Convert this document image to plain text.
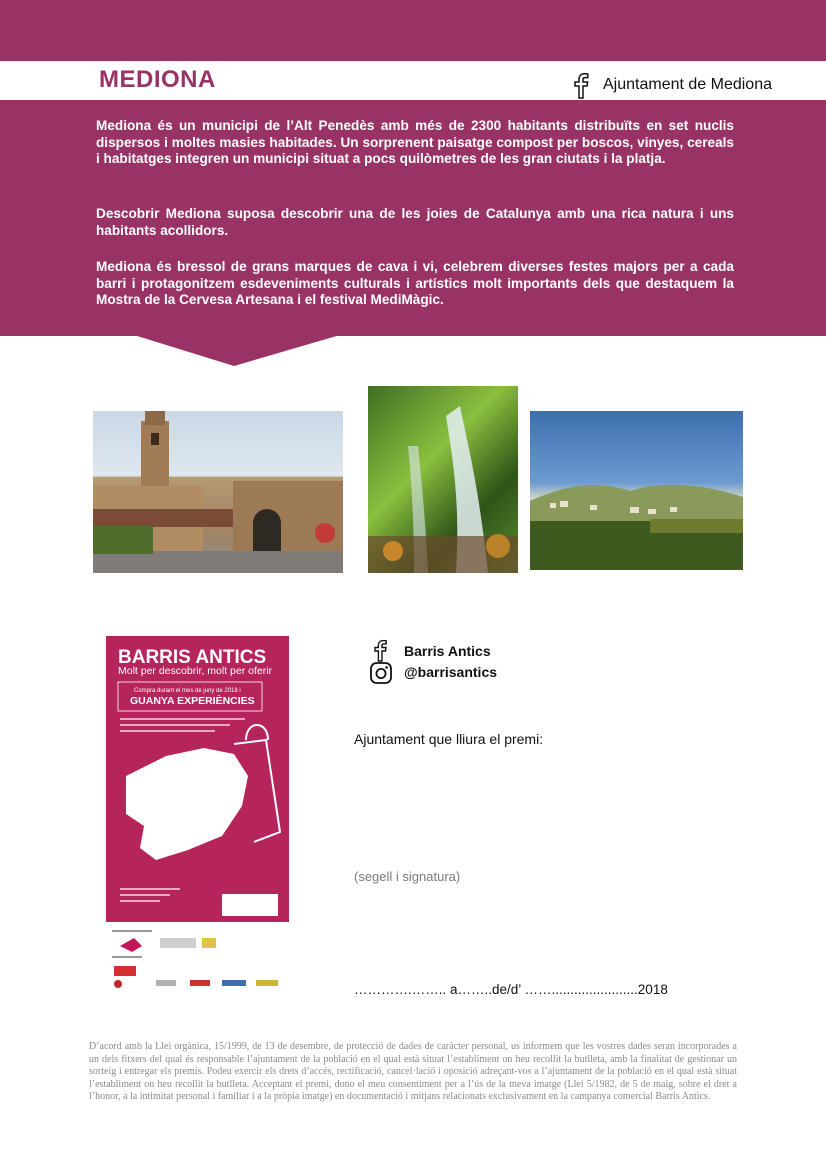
MEDIONA	Ajuntament de Mediona

Mediona és un municipi de l’Alt Penedès amb més de 2300 habitants distribuïts en set nuclis dispersos i moltes masies habitades. Un sorprenent paisatge compost per boscos, vinyes, cereals i habitatges integren un municipi situat a pocs quilòmetres de les gran ciutats i la platja.

Descobrir Mediona suposa descobrir una de les joies de Catalunya amb una rica natura i uns habitants acollidors.

Mediona és bressol de grans marques de cava i vi, celebrem diverses festes majors per a cada barri i protagonitzem esdeveniments culturals i artístics molt importants dels que destaquem la Mostra de la Cervesa Artesana i el festival MediMàgic.

BARRIS ANTICS
Molt per descobrir, molt per oferir
Compra durant el mes de juny de 2018 i
GUANYA EXPERIÈNCIES
Barris Antics
@barrisantics
Ajuntament que lliura el premi:
(segell i signatura)
………….…….. a……..de/d’ …….......................2018

D’acord amb la Llei orgànica, 15/1999, de 13 de desembre, de protecció de dades de caràcter personal, us informem que les vostres dades seran incorporades a un dels fitxers del qual és responsable l’ajuntament de la població en el qual està situat l’establiment on heu recollit la butlleta, amb la finalitat de gestionar un sorteig i entregar els premis. Podeu exercir els drets d’accés, rectificació, cancel·lació i oposició adreçant-vos a l’ajuntament de la població en el qual està situat l’establiment on heu recollit la butlleta. Acceptant el premi, dono el meu consentiment per a l’ús de la meva imatge (Llei 5/1982, de 5 de maig, sobre el dret a l’honor, a la intimitat personal i familiar i a la pròpia imatge) en documentació i mitjans relacionats exclusivament en la campanya comercial Barris Antics.
